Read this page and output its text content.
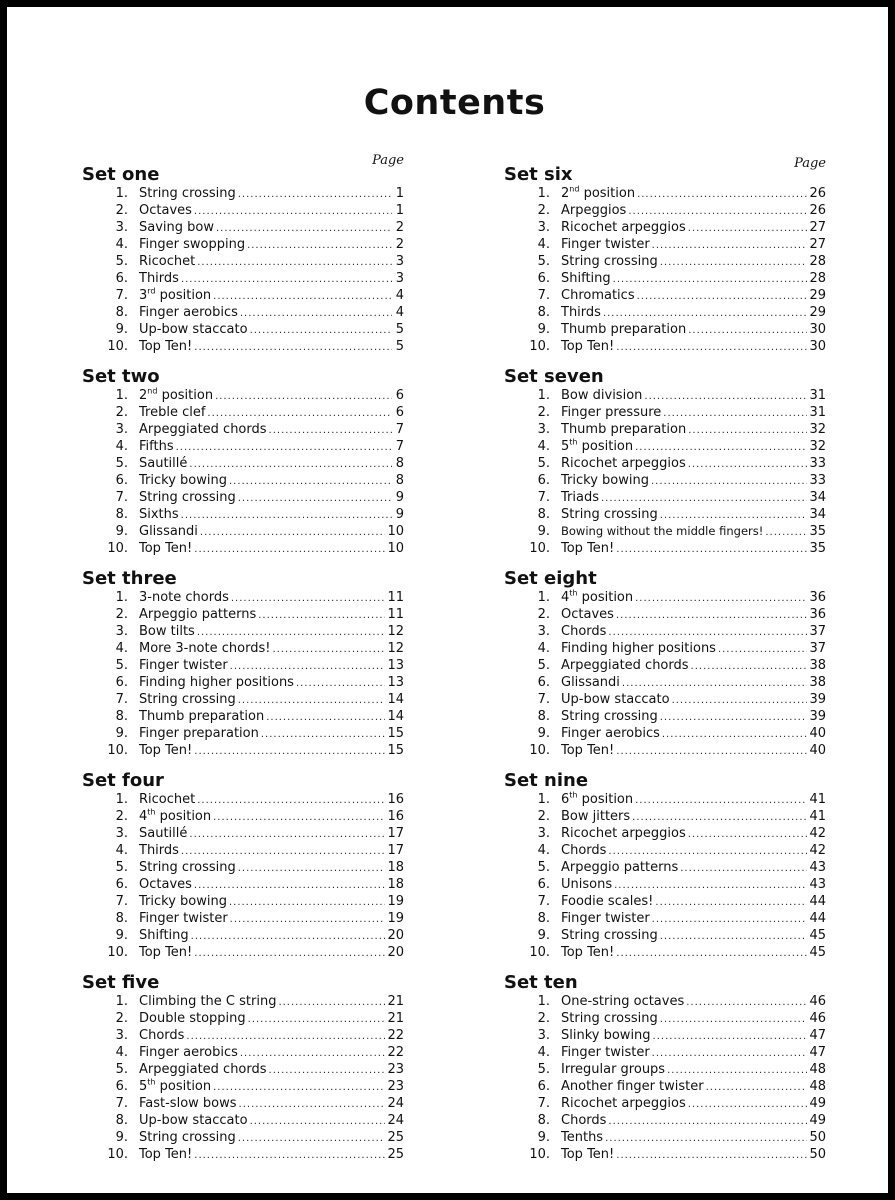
Contents
Page
Set one
1. String crossing .....	1
2. Octaves .....	1
3. Saving bow .....	2
4. Finger swopping .....	2
5. Ricochet .....	3
6. Thirds .....	3
7. 3rd position .....	4
8. Finger aerobics .....	4
9. Up-bow staccato .....	5
10. Top Ten! .....	5
Set two
1. 2nd position .....	6
2. Treble clef .....	6
3. Arpeggiated chords .....	7
4. Fifths .....	7
5. Sautillé .....	8
6. Tricky bowing .....	8
7. String crossing .....	9
8. Sixths .....	9
9. Glissandi .....	10
10. Top Ten! .....	10
Set three
1. 3-note chords .....	11
2. Arpeggio patterns .....	11
3. Bow tilts .....	12
4. More 3-note chords! .....	12
5. Finger twister .....	13
6. Finding higher positions .....	13
7. String crossing .....	14
8. Thumb preparation .....	14
9. Finger preparation .....	15
10. Top Ten! .....	15
Set four
1. Ricochet .....	16
2. 4th position .....	16
3. Sautillé .....	17
4. Thirds .....	17
5. String crossing .....	18
6. Octaves .....	18
7. Tricky bowing .....	19
8. Finger twister .....	19
9. Shifting .....	20
10. Top Ten! .....	20
Set five
1. Climbing the C string .....	21
2. Double stopping .....	21
3. Chords .....	22
4. Finger aerobics .....	22
5. Arpeggiated chords .....	23
6. 5th position .....	23
7. Fast-slow bows .....	24
8. Up-bow staccato .....	24
9. String crossing .....	25
10. Top Ten! .....	25
Page
Set six
1. 2nd position .....	26
2. Arpeggios .....	26
3. Ricochet arpeggios .....	27
4. Finger twister .....	27
5. String crossing .....	28
6. Shifting .....	28
7. Chromatics .....	29
8. Thirds .....	29
9. Thumb preparation .....	30
10. Top Ten! .....	30
Set seven
1. Bow division .....	31
2. Finger pressure .....	31
3. Thumb preparation .....	32
4. 5th position .....	32
5. Ricochet arpeggios .....	33
6. Tricky bowing .....	33
7. Triads .....	34
8. String crossing .....	34
9. Bowing without the middle fingers! .....	35
10. Top Ten! .....	35
Set eight
1. 4th position .....	36
2. Octaves .....	36
3. Chords .....	37
4. Finding higher positions .....	37
5. Arpeggiated chords .....	38
6. Glissandi .....	38
7. Up-bow staccato .....	39
8. String crossing .....	39
9. Finger aerobics .....	40
10. Top Ten! .....	40
Set nine
1. 6th position .....	41
2. Bow jitters .....	41
3. Ricochet arpeggios .....	42
4. Chords .....	42
5. Arpeggio patterns .....	43
6. Unisons .....	43
7. Foodie scales! .....	44
8. Finger twister .....	44
9. String crossing .....	45
10. Top Ten! .....	45
Set ten
1. One-string octaves .....	46
2. String crossing .....	46
3. Slinky bowing .....	47
4. Finger twister .....	47
5. Irregular groups .....	48
6. Another finger twister .....	48
7. Ricochet arpeggios .....	49
8. Chords .....	49
9. Tenths .....	50
10. Top Ten! .....	50
